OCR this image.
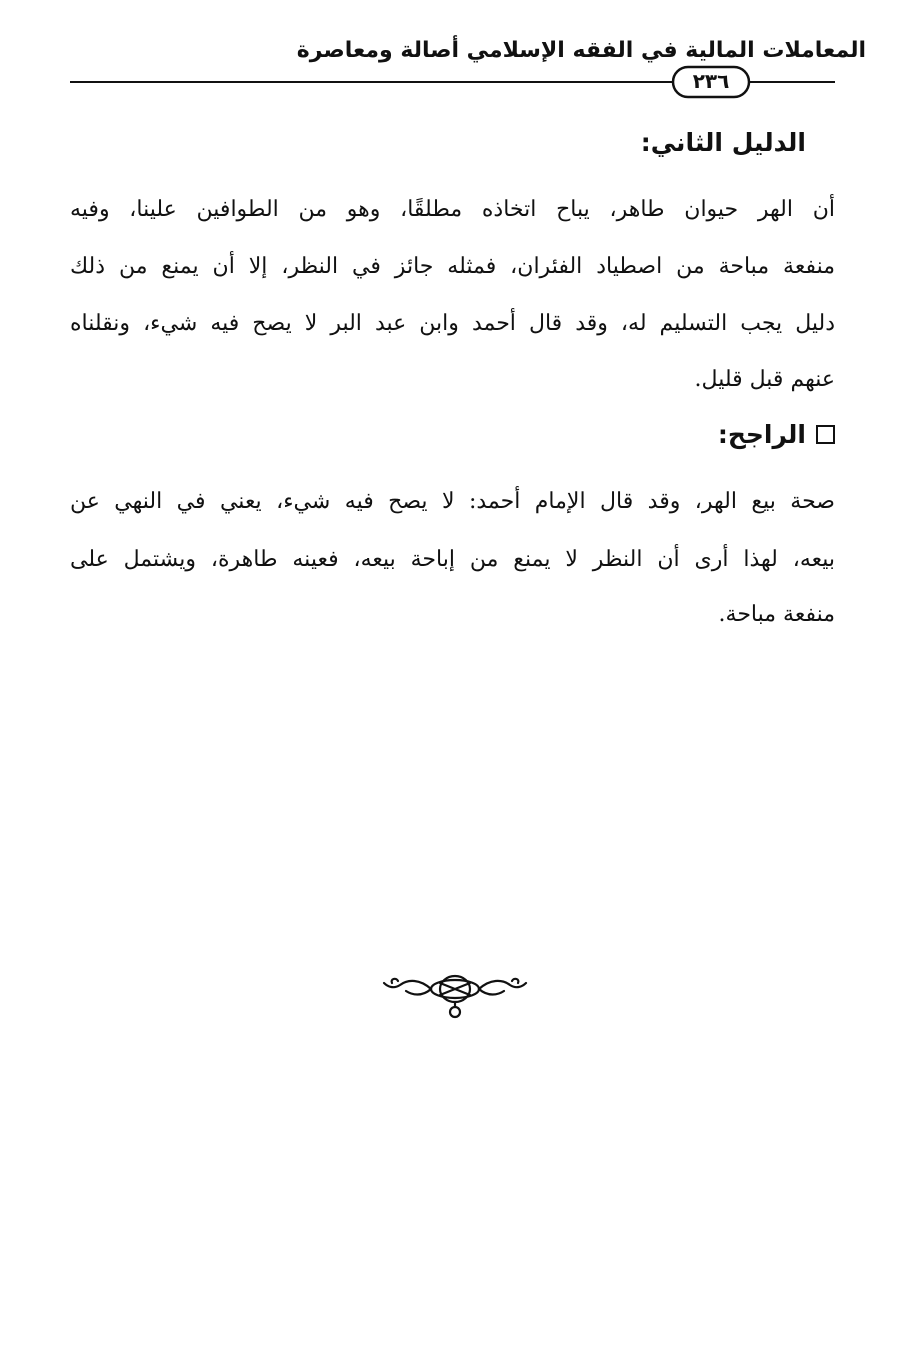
المعاملات المالية في الفقه الإسلامي أصالة ومعاصرة
٢٣٦
الدليل الثاني:
أن الهر حيوان طاهر، يباح اتخاذه مطلقًا، وهو من الطوافين علينا، وفيه
منفعة مباحة من اصطياد الفئران، فمثله جائز في النظر، إلا أن يمنع من ذلك
دليل يجب التسليم له، وقد قال أحمد وابن عبد البر لا يصح فيه شيء، ونقلناه
عنهم قبل قليل.
الراجح:
صحة بيع الهر، وقد قال الإمام أحمد: لا يصح فيه شيء، يعني في النهي عن
بيعه، لهذا أرى أن النظر لا يمنع من إباحة بيعه، فعينه طاهرة، ويشتمل على
منفعة مباحة.
